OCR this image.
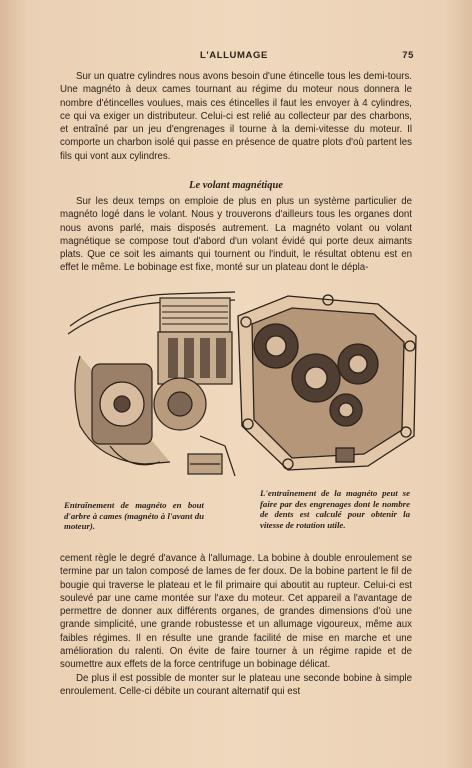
L'ALLUMAGE	75

Sur un quatre cylindres nous avons besoin d'une étincelle tous les demi-tours. Une magnéto à deux cames tournant au régime du moteur nous donnera le nombre d'étincelles voulues, mais ces étincelles il faut les envoyer à 4 cylindres, ce qui va exiger un distributeur. Celui-ci est relié au collecteur par des charbons, et entraîné par un jeu d'engrenages il tourne à la demi-vitesse du moteur. Il comporte un charbon isolé qui passe en présence de quatre plots d'où partent les fils qui vont aux cylindres.

Le volant magnétique

Sur les deux temps on emploie de plus en plus un système particulier de magnéto logé dans le volant. Nous y trouverons d'ailleurs tous les organes dont nous avons parlé, mais disposés autrement. La magnéto volant ou volant magnétique se compose tout d'abord d'un volant évidé qui porte deux aimants plats. Que ce soit les aimants qui tournent ou l'induit, le résultat obtenu est en effet le même. Le bobinage est fixe, monté sur un plateau dont le dépla-

Entraînement de magnéto en bout d'arbre à cames (magnéto à l'avant du moteur).

L'entraînement de la magnéto peut se faire par des engrenages dont le nombre de dents est calculé pour obtenir la vitesse de rotation utile.

cement règle le degré d'avance à l'allumage. La bobine à double enroulement se termine par un talon composé de lames de fer doux. De la bobine partent le fil de bougie qui traverse le plateau et le fil primaire qui aboutit au rupteur. Celui-ci est soulevé par une came montée sur l'axe du moteur. Cet appareil a l'avantage de permettre de donner aux différents organes, de grandes dimensions d'où une grande simplicité, une grande robustesse et un allumage vigoureux, même aux faibles régimes. Il en résulte une grande facilité de mise en marche et une amélioration du ralenti. On évite de faire tourner à un régime rapide et de soumettre aux effets de la force centrifuge un bobinage délicat.

De plus il est possible de monter sur le plateau une seconde bobine à simple enroulement. Celle-ci débite un courant alternatif qui est
